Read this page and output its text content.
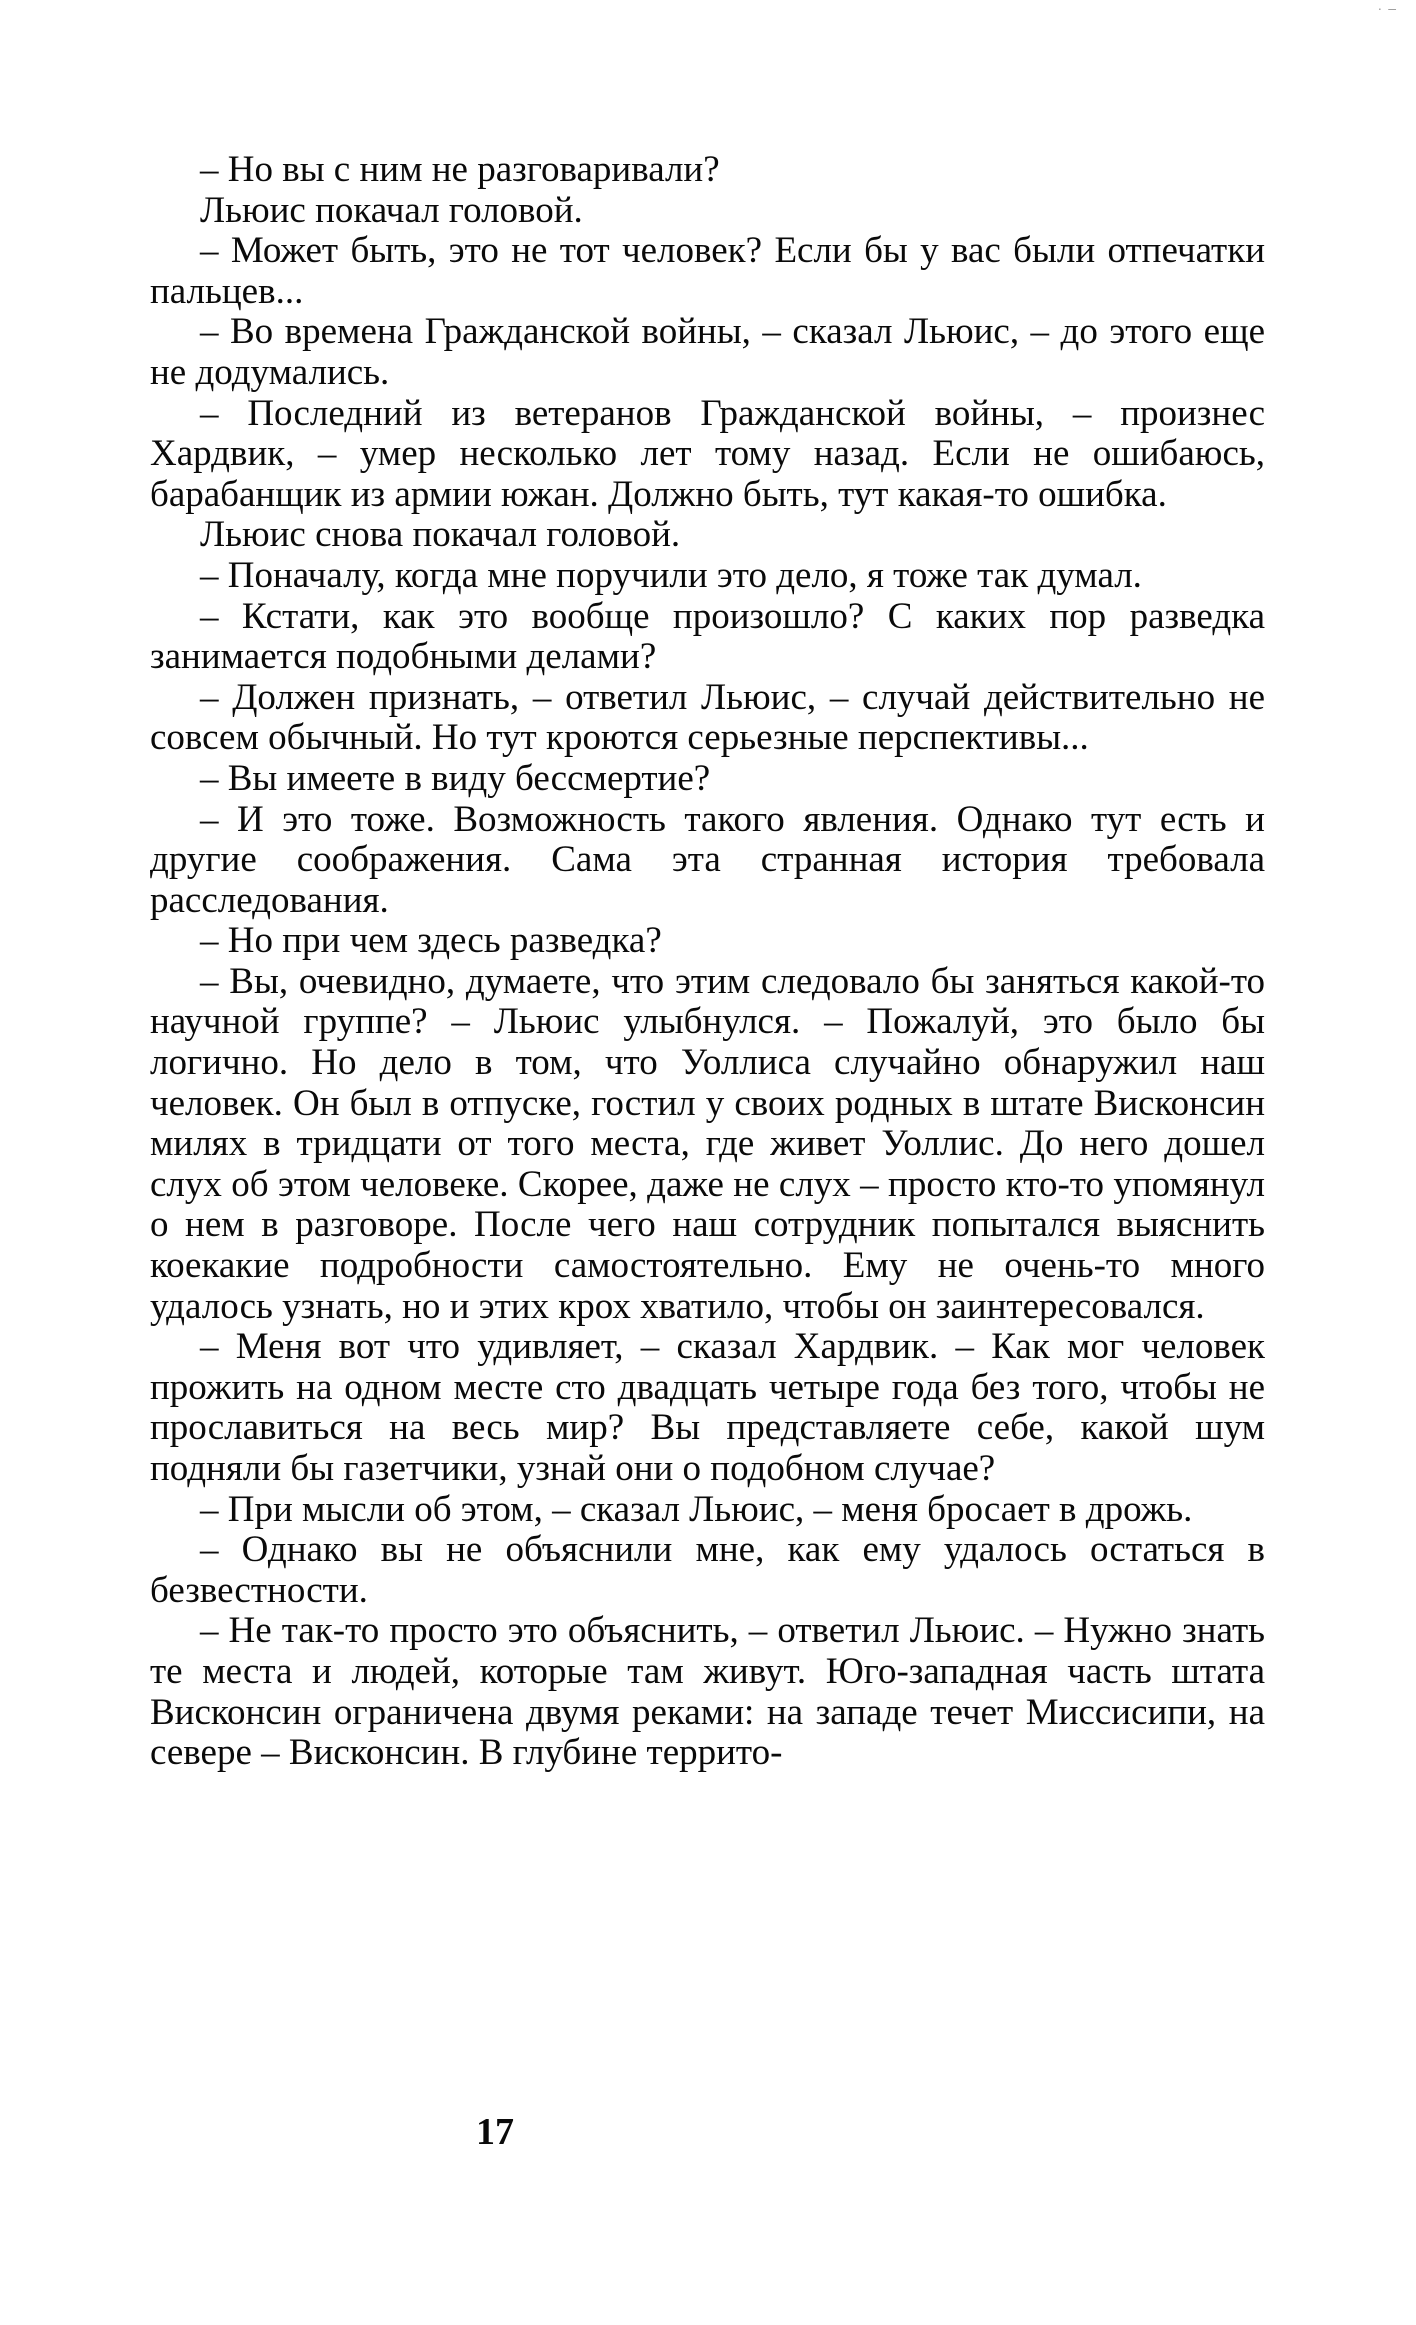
·–

– Но вы с ним не разговаривали?

Льюис покачал головой.

– Может быть, это не тот человек? Если бы у вас были отпечатки пальцев...

– Во времена Гражданской войны, – сказал Льюис, – до этого еще не додумались.

– Последний из ветеранов Гражданской войны, – произнес Хардвик, – умер несколько лет тому назад. Если не ошибаюсь, барабанщик из армии южан. Должно быть, тут какая-то ошибка.

Льюис снова покачал головой.

– Поначалу, когда мне поручили это дело, я тоже так думал.

– Кстати, как это вообще произошло? С каких пор разведка занимается подобными делами?

– Должен признать, – ответил Льюис, – случай действительно не совсем обычный. Но тут кроются серьезные перспективы...

– Вы имеете в виду бессмертие?

– И это тоже. Возможность такого явления. Однако тут есть и другие соображения. Сама эта странная история требовала расследования.

– Но при чем здесь разведка?

– Вы, очевидно, думаете, что этим следовало бы заняться какой-то научной группе? – Льюис улыбнулся. – Пожалуй, это было бы логично. Но дело в том, что Уоллиса случайно обнаружил наш человек. Он был в отпуске, гостил у своих родных в штате Висконсин милях в тридцати от того места, где живет Уоллис. До него дошел слух об этом человеке. Скорее, даже не слух – просто кто-то упомянул о нем в разговоре. После чего наш сотрудник попытался выяснить коекакие подробности самостоятельно. Ему не очень-то много удалось узнать, но и этих крох хватило, чтобы он заинтересовался.

– Меня вот что удивляет, – сказал Хардвик. – Как мог человек прожить на одном месте сто двадцать четыре года без того, чтобы не прославиться на весь мир? Вы представляете себе, какой шум подняли бы газетчики, узнай они о подобном случае?

– При мысли об этом, – сказал Льюис, – меня бросает в дрожь.

– Однако вы не объяснили мне, как ему удалось остаться в безвестности.

– Не так-то просто это объяснить, – ответил Льюис. – Нужно знать те места и людей, которые там живут. Юго-западная часть штата Висконсин ограничена двумя реками: на западе течет Миссисипи, на севере – Висконсин. В глубине террито-

17
